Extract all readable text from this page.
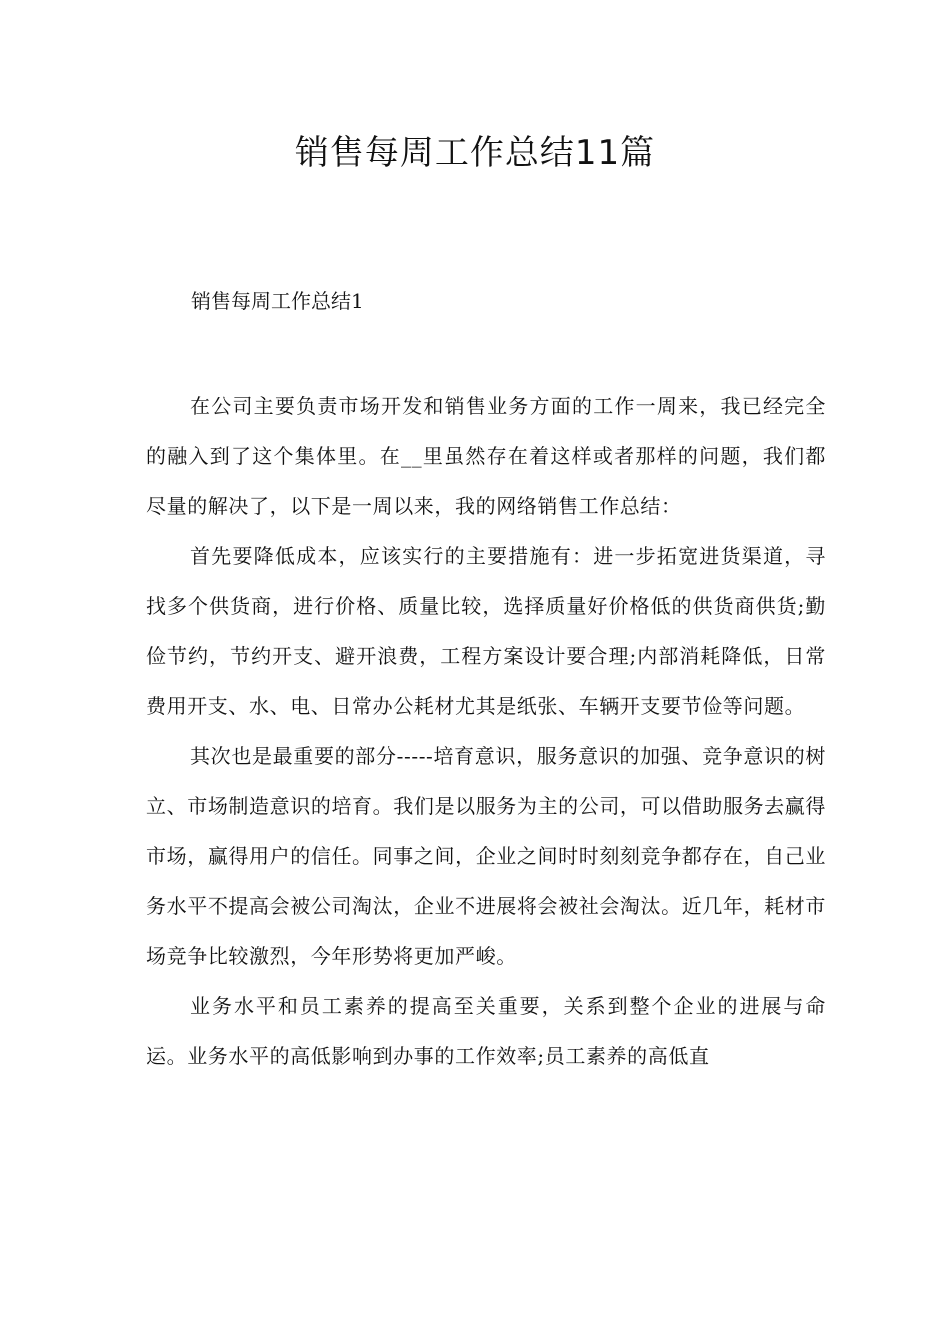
销售每周工作总结11篇
销售每周工作总结1

在公司主要负责市场开发和销售业务方面的工作一周来，我已经完全的融入到了这个集体里。在__里虽然存在着这样或者那样的问题，我们都尽量的解决了，以下是一周以来，我的网络销售工作总结：

首先要降低成本，应该实行的主要措施有：进一步拓宽进货渠道，寻找多个供货商，进行价格、质量比较，选择质量好价格低的供货商供货;勤俭节约，节约开支、避开浪费，工程方案设计要合理;内部消耗降低，日常费用开支、水、电、日常办公耗材尤其是纸张、车辆开支要节俭等问题。

其次也是最重要的部分-----培育意识，服务意识的加强、竞争意识的树立、市场制造意识的培育。我们是以服务为主的公司，可以借助服务去赢得市场，赢得用户的信任。同事之间，企业之间时时刻刻竞争都存在，自己业务水平不提高会被公司淘汰，企业不进展将会被社会淘汰。近几年，耗材市场竞争比较激烈，今年形势将更加严峻。

业务水平和员工素养的提高至关重要，关系到整个企业的进展与命运。业务水平的高低影响到办事的工作效率;员工素养的高低直
